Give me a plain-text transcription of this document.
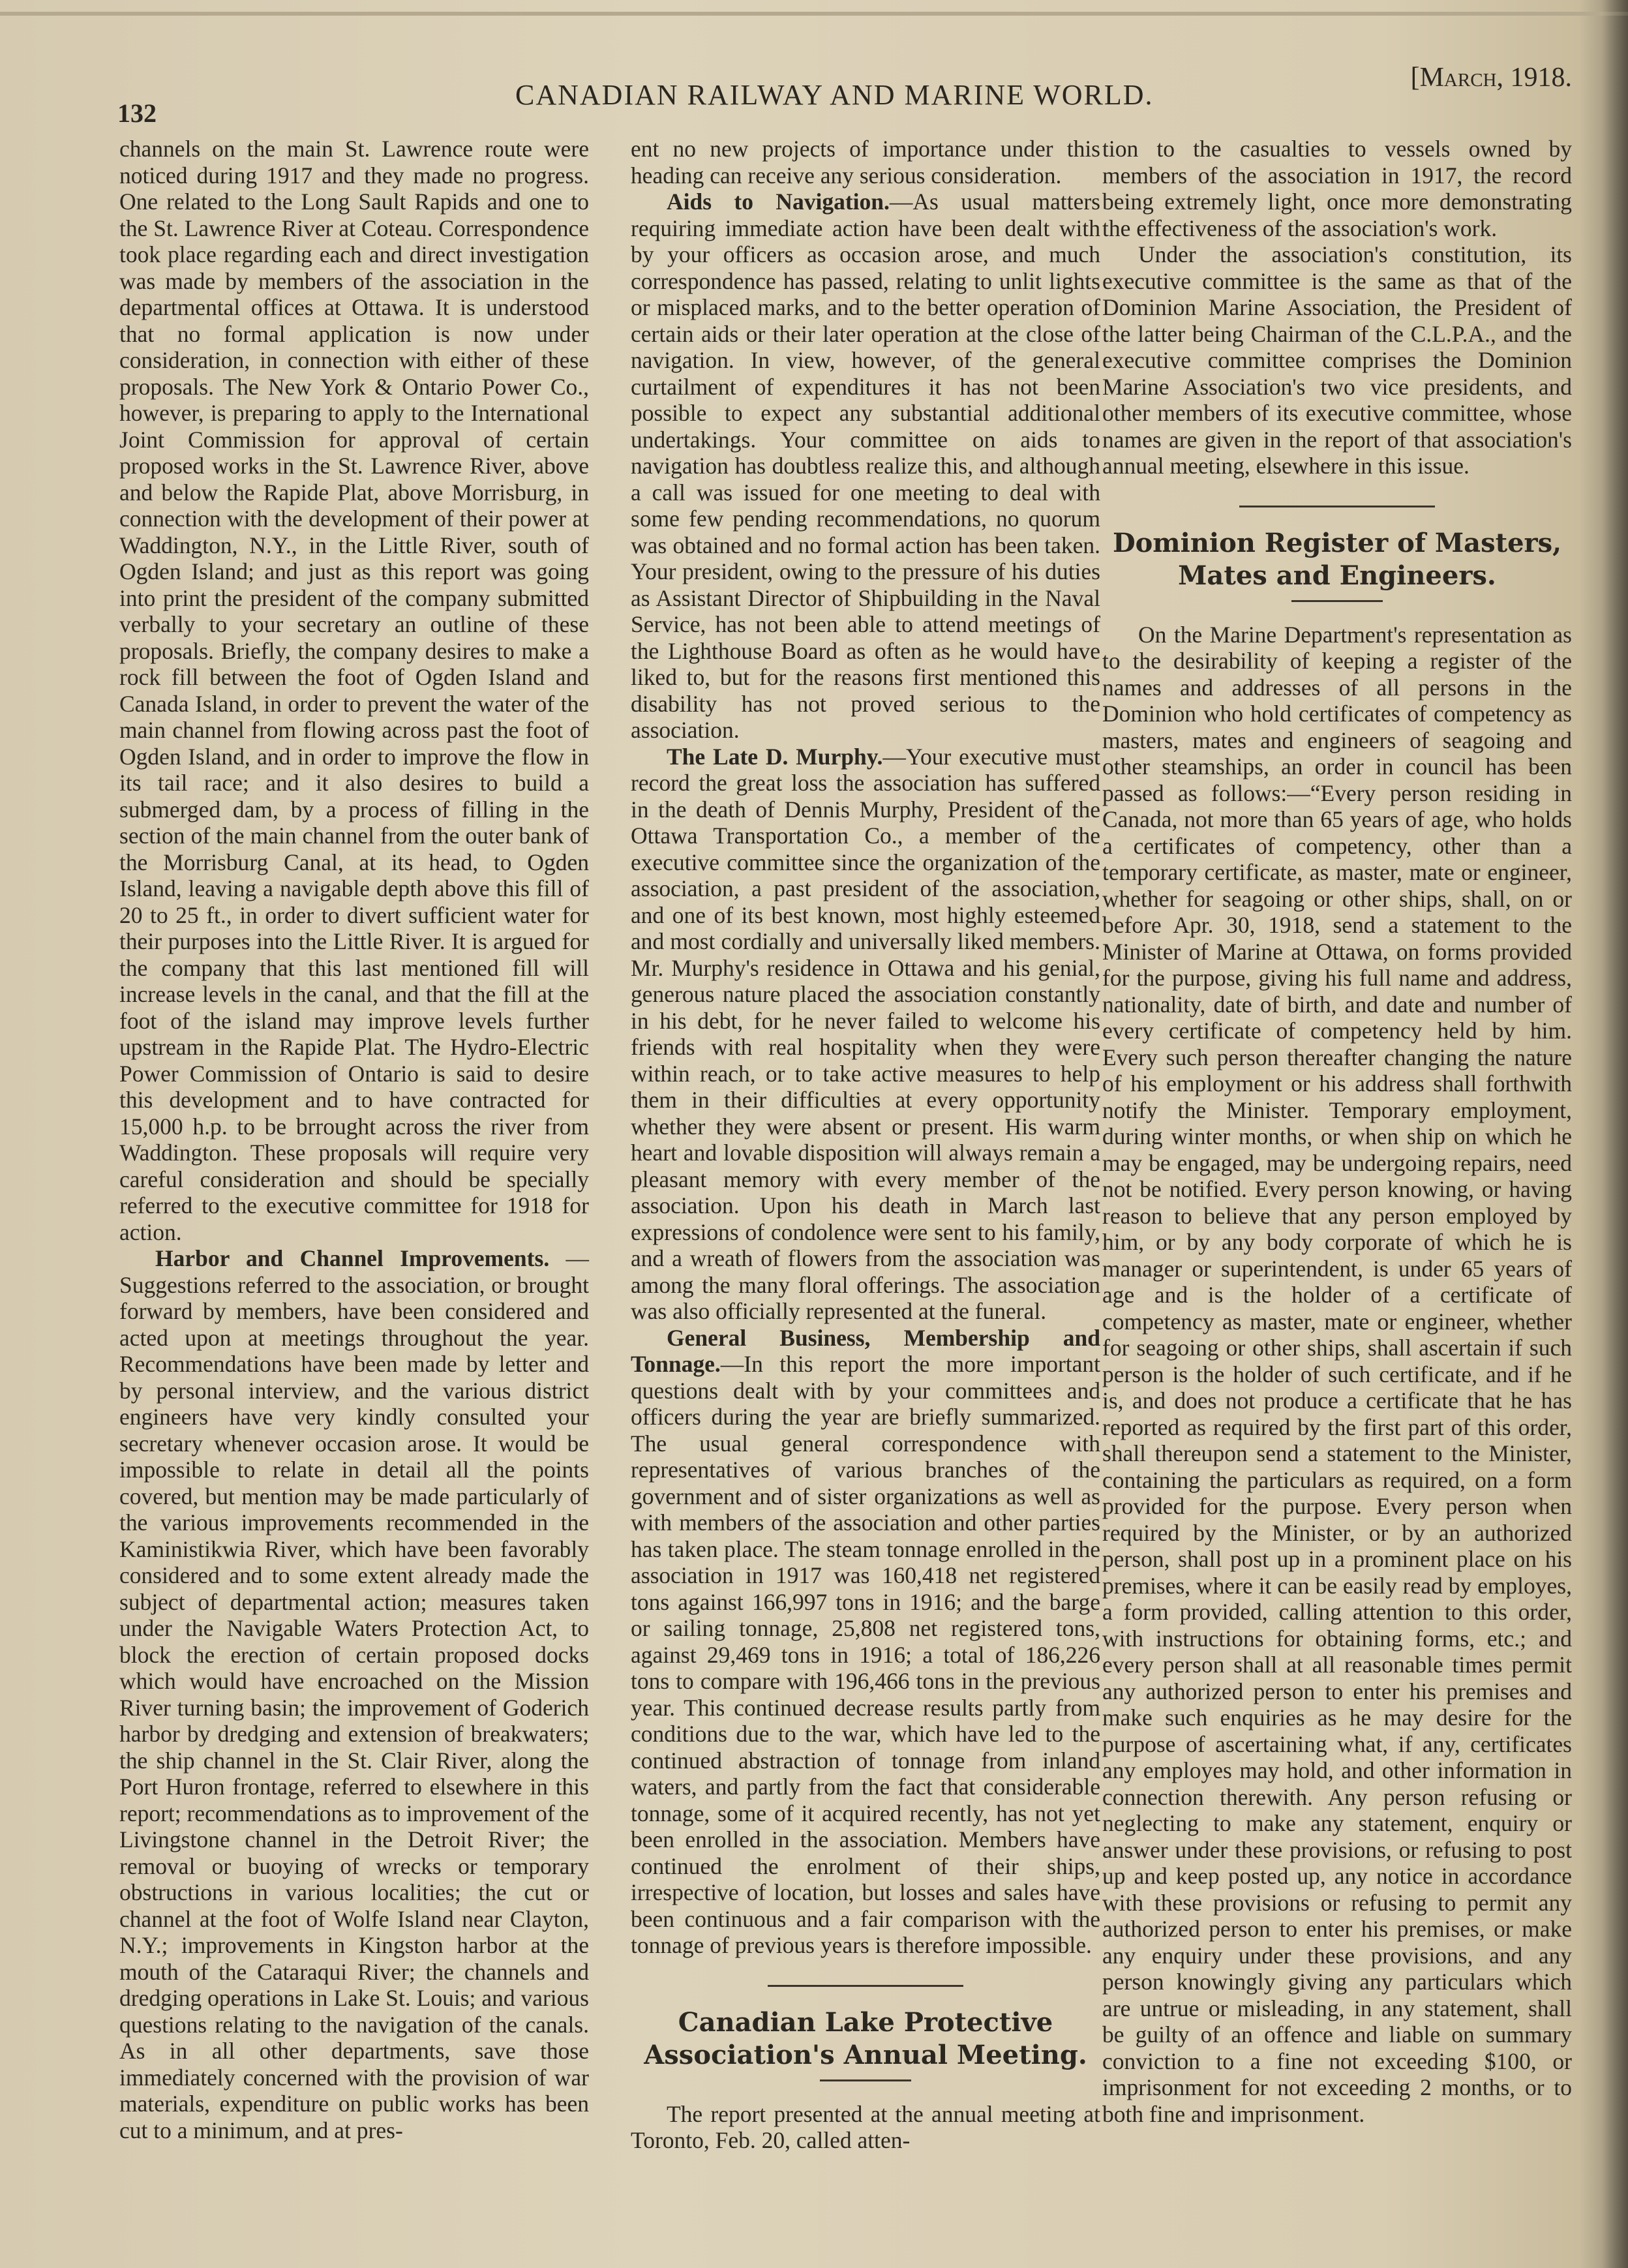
132
CANADIAN RAILWAY AND MARINE WORLD.
[March, 1918.

channels on the main St. Lawrence route were noticed during 1917 and they made no progress. One related to the Long Sault Rapids and one to the St. Lawrence River at Coteau. Correspondence took place regarding each and direct investigation was made by members of the association in the departmental offices at Ottawa. It is understood that no formal application is now under consideration, in connection with either of these proposals. The New York & Ontario Power Co., however, is preparing to apply to the International Joint Commission for approval of certain proposed works in the St. Lawrence River, above and below the Rapide Plat, above Morrisburg, in connection with the development of their power at Waddington, N.Y., in the Little River, south of Ogden Island; and just as this report was going into print the president of the company submitted verbally to your secretary an outline of these proposals. Briefly, the company desires to make a rock fill between the foot of Ogden Island and Canada Island, in order to prevent the water of the main channel from flowing across past the foot of Ogden Island, and in order to improve the flow in its tail race; and it also desires to build a submerged dam, by a process of filling in the section of the main channel from the outer bank of the Morrisburg Canal, at its head, to Ogden Island, leaving a navigable depth above this fill of 20 to 25 ft., in order to divert sufficient water for their purposes into the Little River. It is argued for the company that this last mentioned fill will increase levels in the canal, and that the fill at the foot of the island may improve levels further upstream in the Rapide Plat. The Hydro-Electric Power Commission of Ontario is said to desire this development and to have contracted for 15,000 h.p. to be brrought across the river from Waddington. These proposals will require very careful consideration and should be specially referred to the executive committee for 1918 for action.

Harbor and Channel Improvements. — Suggestions referred to the association, or brought forward by members, have been considered and acted upon at meetings throughout the year. Recommendations have been made by letter and by personal interview, and the various district engineers have very kindly consulted your secretary whenever occasion arose. It would be impossible to relate in detail all the points covered, but mention may be made particularly of the various improvements recommended in the Kaministikwia River, which have been favorably considered and to some extent already made the subject of departmental action; measures taken under the Navigable Waters Protection Act, to block the erection of certain proposed docks which would have encroached on the Mission River turning basin; the improvement of Goderich harbor by dredging and extension of breakwaters; the ship channel in the St. Clair River, along the Port Huron frontage, referred to elsewhere in this report; recommendations as to improvement of the Livingstone channel in the Detroit River; the removal or buoying of wrecks or temporary obstructions in various localities; the cut or channel at the foot of Wolfe Island near Clayton, N.Y.; improvements in Kingston harbor at the mouth of the Cataraqui River; the channels and dredging operations in Lake St. Louis; and various questions relating to the navigation of the canals. As in all other departments, save those immediately concerned with the provision of war materials, expenditure on public works has been cut to a minimum, and at pres-

ent no new projects of importance under this heading can receive any serious consideration.

Aids to Navigation.—As usual matters requiring immediate action have been dealt with by your officers as occasion arose, and much correspondence has passed, relating to unlit lights or misplaced marks, and to the better operation of certain aids or their later operation at the close of navigation. In view, however, of the general curtailment of expenditures it has not been possible to expect any substantial additional undertakings. Your committee on aids to navigation has doubtless realize this, and although a call was issued for one meeting to deal with some few pending recommendations, no quorum was obtained and no formal action has been taken. Your president, owing to the pressure of his duties as Assistant Director of Shipbuilding in the Naval Service, has not been able to attend meetings of the Lighthouse Board as often as he would have liked to, but for the reasons first mentioned this disability has not proved serious to the association.

The Late D. Murphy.—Your executive must record the great loss the association has suffered in the death of Dennis Murphy, President of the Ottawa Transportation Co., a member of the executive committee since the organization of the association, a past president of the association, and one of its best known, most highly esteemed and most cordially and universally liked members. Mr. Murphy's residence in Ottawa and his genial, generous nature placed the association constantly in his debt, for he never failed to welcome his friends with real hospitality when they were within reach, or to take active measures to help them in their difficulties at every opportunity whether they were absent or present. His warm heart and lovable disposition will always remain a pleasant memory with every member of the association. Upon his death in March last expressions of condolence were sent to his family, and a wreath of flowers from the association was among the many floral offerings. The association was also officially represented at the funeral.

General Business, Membership and Tonnage.—In this report the more important questions dealt with by your committees and officers during the year are briefly summarized. The usual general correspondence with representatives of various branches of the government and of sister organizations as well as with members of the association and other parties has taken place. The steam tonnage enrolled in the association in 1917 was 160,418 net registered tons against 166,997 tons in 1916; and the barge or sailing tonnage, 25,808 net registered tons, against 29,469 tons in 1916; a total of 186,226 tons to compare with 196,466 tons in the previous year. This continued decrease results partly from conditions due to the war, which have led to the continued abstraction of tonnage from inland waters, and partly from the fact that considerable tonnage, some of it acquired recently, has not yet been enrolled in the association. Members have continued the enrolment of their ships, irrespective of location, but losses and sales have been continuous and a fair comparison with the tonnage of previous years is therefore impossible.

Canadian Lake Protective Association's Annual Meeting.

The report presented at the annual meeting at Toronto, Feb. 20, called atten-

tion to the casualties to vessels owned by members of the association in 1917, the record being extremely light, once more demonstrating the effectiveness of the association's work.

Under the association's constitution, its executive committee is the same as that of the Dominion Marine Association, the President of the latter being Chairman of the C.L.P.A., and the executive committee comprises the Dominion Marine Association's two vice presidents, and other members of its executive committee, whose names are given in the report of that association's annual meeting, elsewhere in this issue.

Dominion Register of Masters, Mates and Engineers.

On the Marine Department's representation as to the desirability of keeping a register of the names and addresses of all persons in the Dominion who hold certificates of competency as masters, mates and engineers of seagoing and other steamships, an order in council has been passed as follows:—“Every person residing in Canada, not more than 65 years of age, who holds a certificates of competency, other than a temporary certificate, as master, mate or engineer, whether for seagoing or other ships, shall, on or before Apr. 30, 1918, send a statement to the Minister of Marine at Ottawa, on forms provided for the purpose, giving his full name and address, nationality, date of birth, and date and number of every certificate of competency held by him. Every such person thereafter changing the nature of his employment or his address shall forthwith notify the Minister. Temporary employment, during winter months, or when ship on which he may be engaged, may be undergoing repairs, need not be notified. Every person knowing, or having reason to believe that any person employed by him, or by any body corporate of which he is manager or superintendent, is under 65 years of age and is the holder of a certificate of competency as master, mate or engineer, whether for seagoing or other ships, shall ascertain if such person is the holder of such certificate, and if he is, and does not produce a certificate that he has reported as required by the first part of this order, shall thereupon send a statement to the Minister, containing the particulars as required, on a form provided for the purpose. Every person when required by the Minister, or by an authorized person, shall post up in a prominent place on his premises, where it can be easily read by employes, a form provided, calling attention to this order, with instructions for obtaining forms, etc.; and every person shall at all reasonable times permit any authorized person to enter his premises and make such enquiries as he may desire for the purpose of ascertaining what, if any, certificates any employes may hold, and other information in connection therewith. Any person refusing or neglecting to make any statement, enquiry or answer under these provisions, or refusing to post up and keep posted up, any notice in accordance with these provisions or refusing to permit any authorized person to enter his premises, or make any enquiry under these provisions, and any person knowingly giving any particulars which are untrue or misleading, in any statement, shall be guilty of an offence and liable on summary conviction to a fine not exceeding $100, or imprisonment for not exceeding 2 months, or to both fine and imprisonment.
